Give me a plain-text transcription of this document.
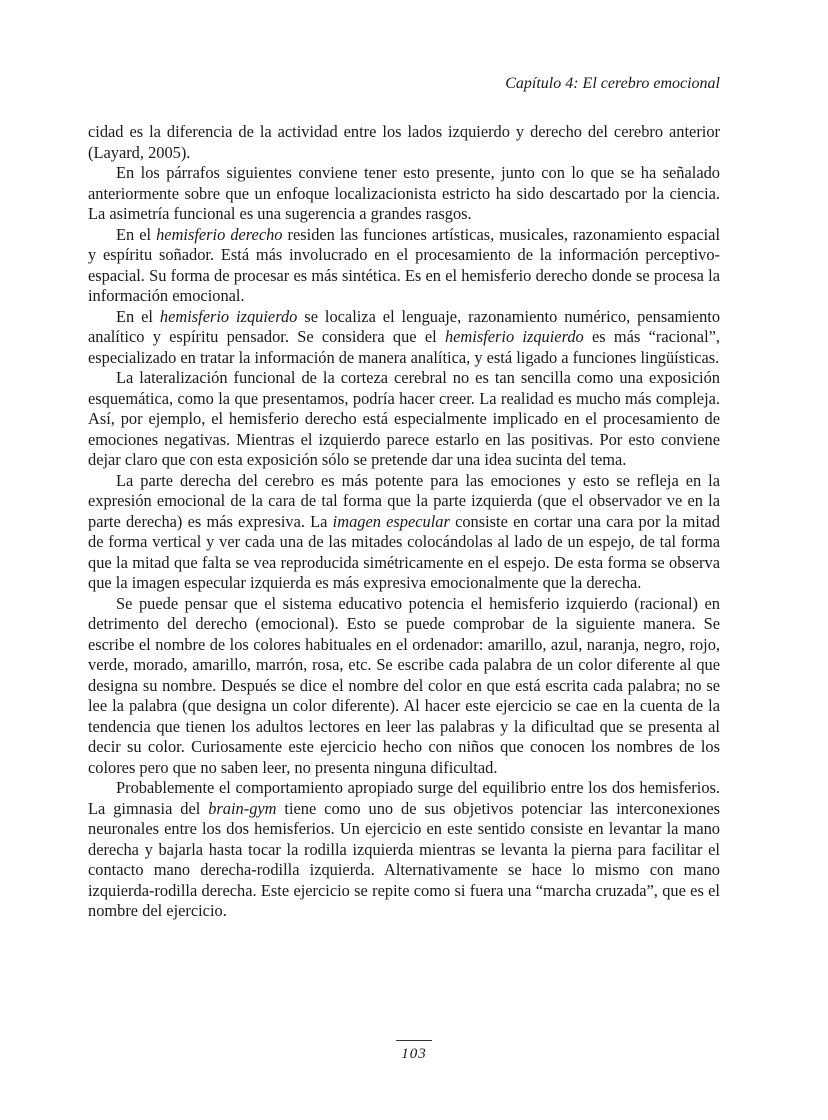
Capítulo 4: El cerebro emocional

cidad es la diferencia de la actividad entre los lados izquierdo y derecho del cerebro anterior (Layard, 2005).

En los párrafos siguientes conviene tener esto presente, junto con lo que se ha señalado anteriormente sobre que un enfoque localizacionista estricto ha sido descartado por la ciencia. La asimetría funcional es una sugerencia a grandes rasgos.

En el hemisferio derecho residen las funciones artísticas, musicales, razonamiento espacial y espíritu soñador. Está más involucrado en el procesamiento de la información perceptivo-espacial. Su forma de procesar es más sintética. Es en el hemisferio derecho donde se procesa la información emocional.

En el hemisferio izquierdo se localiza el lenguaje, razonamiento numérico, pensamiento analítico y espíritu pensador. Se considera que el hemisferio izquierdo es más “racional”, especializado en tratar la información de manera analítica, y está ligado a funciones lingüísticas.

La lateralización funcional de la corteza cerebral no es tan sencilla como una exposición esquemática, como la que presentamos, podría hacer creer. La realidad es mucho más compleja. Así, por ejemplo, el hemisferio derecho está especialmente implicado en el procesamiento de emociones negativas. Mientras el izquierdo parece estarlo en las positivas. Por esto conviene dejar claro que con esta exposición sólo se pretende dar una idea sucinta del tema.

La parte derecha del cerebro es más potente para las emociones y esto se refleja en la expresión emocional de la cara de tal forma que la parte izquierda (que el observador ve en la parte derecha) es más expresiva. La imagen especular consiste en cortar una cara por la mitad de forma vertical y ver cada una de las mitades colocándolas al lado de un espejo, de tal forma que la mitad que falta se vea reproducida simétricamente en el espejo. De esta forma se observa que la imagen especular izquierda es más expresiva emocionalmente que la derecha.

Se puede pensar que el sistema educativo potencia el hemisferio izquierdo (racional) en detrimento del derecho (emocional). Esto se puede comprobar de la siguiente manera. Se escribe el nombre de los colores habituales en el ordenador: amarillo, azul, naranja, negro, rojo, verde, morado, amarillo, marrón, rosa, etc. Se escribe cada palabra de un color diferente al que designa su nombre. Después se dice el nombre del color en que está escrita cada palabra; no se lee la palabra (que designa un color diferente). Al hacer este ejercicio se cae en la cuenta de la tendencia que tienen los adultos lectores en leer las palabras y la dificultad que se presenta al decir su color. Curiosamente este ejercicio hecho con niños que conocen los nombres de los colores pero que no saben leer, no presenta ninguna dificultad.

Probablemente el comportamiento apropiado surge del equilibrio entre los dos hemisferios. La gimnasia del brain-gym tiene como uno de sus objetivos potenciar las interconexiones neuronales entre los dos hemisferios. Un ejercicio en este sentido consiste en levantar la mano derecha y bajarla hasta tocar la rodilla izquierda mientras se levanta la pierna para facilitar el contacto mano derecha-rodilla izquierda. Alternativamente se hace lo mismo con mano izquierda-rodilla derecha. Este ejercicio se repite como si fuera una “marcha cruzada”, que es el nombre del ejercicio.

103
